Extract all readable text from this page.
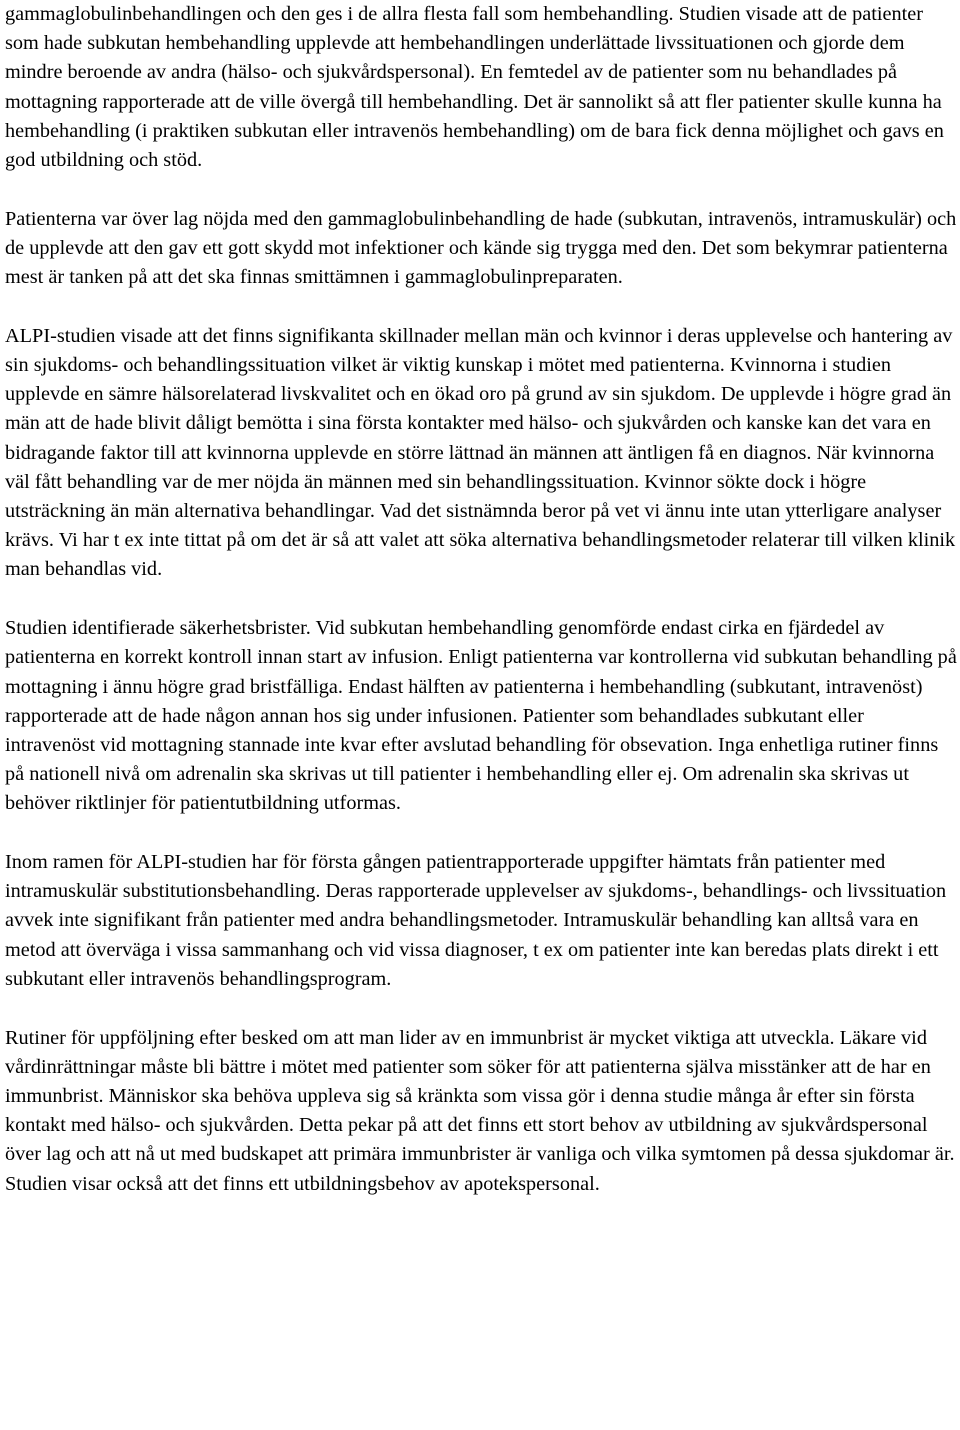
gammaglobulinbehandlingen och den ges i de allra flesta fall som hembehandling. Studien visade att de patienter som hade subkutan hembehandling upplevde att hembehandlingen underlättade livssituationen och gjorde dem mindre beroende av andra (hälso- och sjukvårdspersonal). En femtedel av de patienter som nu behandlades på mottagning rapporterade att de ville övergå till hembehandling. Det är sannolikt så att fler patienter skulle kunna ha hembehandling (i praktiken subkutan eller intravenös hembehandling) om de bara fick denna möjlighet och gavs en god utbildning och stöd.

Patienterna var över lag nöjda med den gammaglobulinbehandling de hade (subkutan, intravenös, intramuskulär) och de upplevde att den gav ett gott skydd mot infektioner och kände sig trygga med den. Det som bekymrar patienterna mest är tanken på att det ska finnas smittämnen i gammaglobulinpreparaten.

ALPI-studien visade att det finns signifikanta skillnader mellan män och kvinnor i deras upplevelse och hantering av sin sjukdoms- och behandlingssituation vilket är viktig kunskap i mötet med patienterna. Kvinnorna i studien upplevde en sämre hälsorelaterad livskvalitet och en ökad oro på grund av sin sjukdom. De upplevde i högre grad än män att de hade blivit dåligt bemötta i sina första kontakter med hälso- och sjukvården och kanske kan det vara en bidragande faktor till att kvinnorna upplevde en större lättnad än männen att äntligen få en diagnos. När kvinnorna väl fått behandling var de mer nöjda än männen med sin behandlingssituation. Kvinnor sökte dock i högre utsträckning än män alternativa behandlingar. Vad det sistnämnda beror på vet vi ännu inte utan ytterligare analyser krävs. Vi har t ex inte tittat på om det är så att valet att söka alternativa behandlingsmetoder relaterar till vilken klinik man behandlas vid.

Studien identifierade säkerhetsbrister. Vid subkutan hembehandling genomförde endast cirka en fjärdedel av patienterna en korrekt kontroll innan start av infusion. Enligt patienterna var kontrollerna vid subkutan behandling på mottagning i ännu högre grad bristfälliga. Endast hälften av patienterna i hembehandling (subkutant, intravenöst) rapporterade att de hade någon annan hos sig under infusionen. Patienter som behandlades subkutant eller intravenöst vid mottagning stannade inte kvar efter avslutad behandling för obsevation. Inga enhetliga rutiner finns på nationell nivå om adrenalin ska skrivas ut till patienter i hembehandling eller ej. Om adrenalin ska skrivas ut behöver riktlinjer för patientutbildning utformas.

Inom ramen för ALPI-studien har för första gången patientrapporterade uppgifter hämtats från patienter med intramuskulär substitutionsbehandling. Deras rapporterade upplevelser av sjukdoms-, behandlings- och livssituation avvek inte signifikant från patienter med andra behandlingsmetoder. Intramuskulär behandling kan alltså vara en metod att överväga i vissa sammanhang och vid vissa diagnoser, t ex om patienter inte kan beredas plats direkt i ett subkutant eller intravenös behandlingsprogram.

Rutiner för uppföljning efter besked om att man lider av en immunbrist är mycket viktiga att utveckla. Läkare vid vårdinrättningar måste bli bättre i mötet med patienter som söker för att patienterna själva misstänker att de har en immunbrist. Människor ska behöva uppleva sig så kränkta som vissa gör i denna studie många år efter sin första kontakt med hälso- och sjukvården. Detta pekar på att det finns ett stort behov av utbildning av sjukvårdspersonal över lag och att nå ut med budskapet att primära immunbrister är vanliga och vilka symtomen på dessa sjukdomar är. Studien visar också att det finns ett utbildningsbehov av apotekspersonal.
